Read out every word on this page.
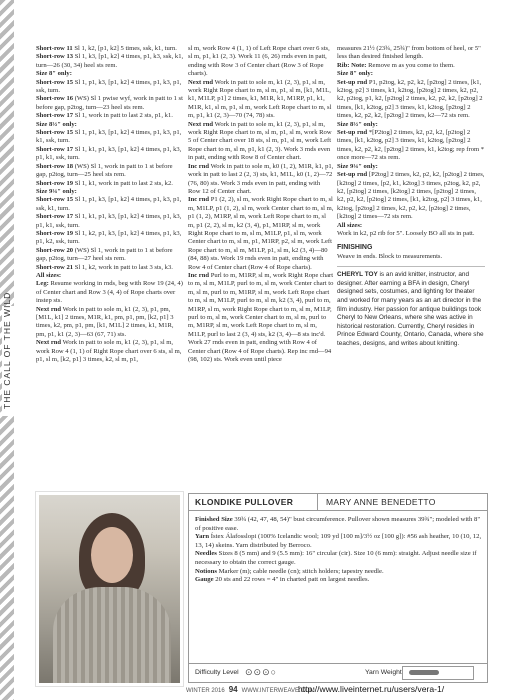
THE CALL OF THE WILD

Short-row 11 Sl 1, k2, [p1, k2] 5 times, ssk, k1, turn.

Short-row 13 Sl 1, k3, [p1, k2] 4 times, p1, k3, ssk, k1, turn—26 (30, 34) heel sts rem.

Size 8" only:

Short-row 15 Sl 1, p1, k3, [p1, k2] 4 times, p1, k3, p1, ssk, turn.

Short-row 16 (WS) Sl 1 pwise wyf, work in patt to 1 st before gap, p2tog, turn—23 heel sts rem.

Short-row 17 Sl 1, work in patt to last 2 sts, p1, k1.

Size 8½" only:

Short-row 15 Sl 1, p1, k3, [p1, k2] 4 times, p1, k3, p1, k1, ssk, turn.

Short-row 17 Sl 1, k1, p1, k3, [p1, k2] 4 times, p1, k3, p1, k1, ssk, turn.

Short-row 18 (WS) Sl 1, work in patt to 1 st before gap, p2tog, turn—25 heel sts rem.

Short-row 19 Sl 1, k1, work in patt to last 2 sts, k2.

Size 9¼" only:

Short-row 15 Sl 1, p1, k3, [p1, k2] 4 times, p1, k3, p1, ssk, k1, turn.

Short-row 17 Sl 1, k1, p1, k3, [p1, k2] 4 times, p1, k3, p1, k1, ssk, turn.

Short-row 19 Sl 1, k2, p1, k3, [p1, k2] 4 times, p1, k3, p1, k2, ssk, turn.

Short-row 20 (WS) Sl 1, work in patt to 1 st before gap, p2tog, turn—27 heel sts rem.

Short-row 21 Sl 1, k2, work in patt to last 3 sts, k3.

All sizes:

Leg: Resume working in rnds, beg with Row 19 (24, 4) of Center chart and Row 3 (4, 4) of Rope charts over instep sts.

Next rnd Work in patt to sole m, k1 (2, 3), p1, pm, [M1L, k1] 2 times, M1R, k1, pm, p1, pm, [k2, p1] 3 times, k2, pm, p1, pm, [k1, M1L] 2 times, k1, M1R, pm, p1, k1 (2, 3)—63 (67, 71) sts.

Next rnd Work in patt to sole m, k1 (2, 3), p1, sl m, work Row 4 (1, 1) of Right Rope chart over 6 sts, sl m, p1, sl m, [k2, p1] 3 times, k2, sl m, p1,

sl m, work Row 4 (1, 1) of Left Rope chart over 6 sts, sl m, p1, k1 (2, 3). Work 11 (6, 26) rnds even in patt, ending with Row 3 of Center chart (Row 3 of Rope charts).

Next rnd Work in patt to sole m, k1 (2, 3), p1, sl m, work Right Rope chart to m, sl m, p1, sl m, [k1, M1L, k1, M1LP, p1] 2 times, k1, M1R, k1, M1RP, p1, k1, M1R, k1, sl m, p1, sl m, work Left Rope chart to m, sl m, p1, k1 (2, 3)—70 (74, 78) sts.

Next rnd Work in patt to sole m, k1 (2, 3), p1, sl m, work Right Rope chart to m, sl m, p1, sl m, work Row 5 of Center chart over 18 sts, sl m, p1, sl m, work Left Rope chart to m, sl m, p1, k1 (2, 3). Work 3 rnds even in patt, ending with Row 8 of Center chart.

Inc rnd Work in patt to sole m, k0 (1, 2), M1R, k1, p1, work in patt to last 2 (2, 3) sts, k1, M1L, k0 (1, 2)—72 (76, 80) sts. Work 3 rnds even in patt, ending with Row 12 of Center chart.

Inc rnd P1 (2, 2), sl m, work Right Rope chart to m, sl m, M1LP, p1 (1, 2), sl m, work Center chart to m, sl m, p1 (1, 2), M1RP, sl m, work Left Rope chart to m, sl m, p1 (2, 2), sl m, k2 (3, 4), p1, M1RP, sl m, work Right Rope chart to m, sl m, M1LP, p1, sl m, work Center chart to m, sl m, p1, M1RP, p2, sl m, work Left Rope chart to m, sl m, M1LP, p1, sl m, k2 (3, 4)—80 (84, 88) sts. Work 19 rnds even in patt, ending with Row 4 of Center chart (Row 4 of Rope charts).

Inc rnd Purl to m, M1RP, sl m, work Right Rope chart to m, sl m, M1LP, purl to m, sl m, work Center chart to m, sl m, purl to m, M1RP, sl m, work Left Rope chart to m, sl m, M1LP, purl to m, sl m, k2 (3, 4), purl to m, M1RP, sl m, work Right Rope chart to m, sl m, M1LP, purl to m, sl m, work Center chart to m, sl m, purl to m, M1RP, sl m, work Left Rope chart to m, sl m, M1LP, purl to last 2 (3, 4) sts, k2 (3, 4)—8 sts inc'd. Work 27 rnds even in patt, ending with Row 4 of Center chart (Row 4 of Rope charts). Rep inc rnd—94 (98, 102) sts. Work even until piece

measures 21½ (23¾, 25¾)" from bottom of heel, or 5" less than desired finished length.

Rib: Note: Remove m as you come to them.

Size 8" only:

Set-up rnd P1, p2tog, k2, p2, k2, [p2tog] 2 times, [k1, k2tog, p2] 3 times, k1, k2tog, [p2tog] 2 times, k2, p2, k2, p2tog, p1, k2, [p2tog] 2 times, k2, p2, k2, [p2tog] 2 times, [k1, k2tog, p2] 3 times, k1, k2tog, [p2tog] 2 times, k2, p2, k2, [p2tog] 2 times, k2—72 sts rem.

Size 8½" only:

Set-up rnd *[P2tog] 2 times, k2, p2, k2, [p2tog] 2 times, [k1, k2tog, p2] 3 times, k1, k2tog, [p2tog] 2 times, k2, p2, k2, [p2tog] 2 times, k1, k2tog; rep from * once more—72 sts rem.

Size 9¼" only:

Set-up rnd [P2tog] 2 times, k2, p2, k2, [p2tog] 2 times, [k2tog] 2 times, [p2, k1, k2tog] 3 times, p2tog, k2, p2, k2, [p2tog] 2 times, [k2tog] 2 times, [p2tog] 2 times, k2, p2, k2, [p2tog] 2 times, [k1, k2tog, p2] 3 times, k1, k2tog, [p2tog] 2 times, k2, p2, k2, [p2tog] 2 times, [k2tog] 2 times—72 sts rem.

All sizes:

Work in k2, p2 rib for 5". Loosely BO all sts in patt.

FINISHING

Weave in ends. Block to measurements.

CHERYL TOY is an avid knitter, instructor, and designer. After earning a BFA in design, Cheryl designed sets, costumes, and lighting for theater and worked for many years as an art director in the film industry. Her passion for antique buildings took Cheryl to New Orleans, where she was active in historical restoration. Currently, Cheryl resides in Prince Edward County, Ontario, Canada, where she teaches, designs, and writes about knitting.

KLONDIKE PULLOVER	MARY ANNE BENEDETTO

Finished Size 39¾ (42, 47, 48, 54)" bust circumference. Pullover shown measures 39¾"; modeled with 8" of positive ease.

Yarn Ístex Álafosslopi (100% Icelandic wool; 109 yd [100 m]/3½ oz [100 g]): #56 ash heather, 10 (10, 12, 13, 14) skeins. Yarn distributed by Berroco.

Needles Sizes 8 (5 mm) and 9 (5.5 mm): 16" circular (cir). Size 10 (6 mm): straight. Adjust needle size if necessary to obtain the correct gauge.

Notions Marker (m); cable needle (cn); stitch holders; tapestry needle.

Gauge 20 sts and 22 rows = 4" in charted patt on largest needles.

Difficulty Level ⊙⊙⊙○	Yarn Weight
WINTER 2016 94 WWW.INTERWEAVE.COM
http://www.liveinternet.ru/users/vera-1/
